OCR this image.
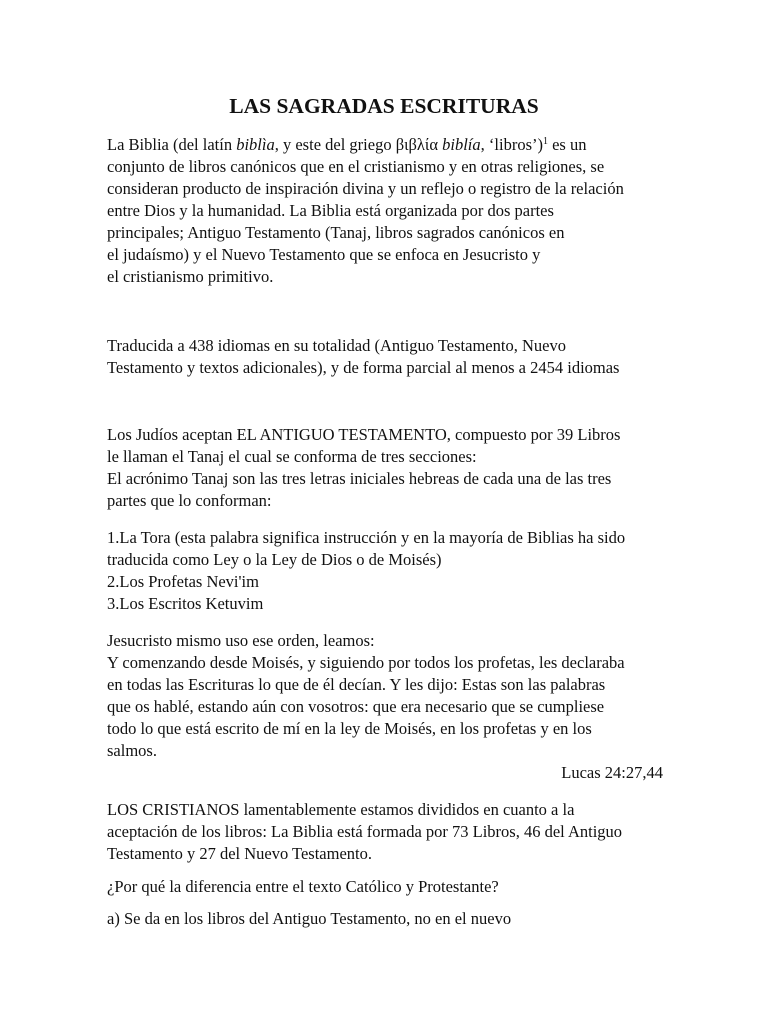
LAS SAGRADAS ESCRITURAS

La Biblia (del latín biblìa, y este del griego βιβλία biblía, ‘libros’)$^1$ es un
conjunto de libros canónicos que en el cristianismo y en otras religiones, se
consideran producto de inspiración divina y un reflejo o registro de la relación
entre Dios y la humanidad. La Biblia está organizada por dos partes
principales; Antiguo Testamento (Tanaj, libros sagrados canónicos en
el judaísmo) y el Nuevo Testamento que se enfoca en Jesucristo y
el cristianismo primitivo.

Traducida a 438 idiomas en su totalidad (Antiguo Testamento, Nuevo
Testamento y textos adicionales), y de forma parcial al menos a 2454 idiomas

Los Judíos aceptan EL ANTIGUO TESTAMENTO, compuesto por 39 Libros
le llaman el Tanaj el cual se conforma de tres secciones:
El acrónimo Tanaj son las tres letras iniciales hebreas de cada una de las tres
partes que lo conforman:

1.La Tora (esta palabra significa instrucción y en la mayoría de Biblias ha sido
traducida como Ley o la Ley de Dios o de Moisés)
2.Los Profetas Nevi'im
3.Los Escritos Ketuvim

Jesucristo mismo uso ese orden, leamos:
Y comenzando desde Moisés, y siguiendo por todos los profetas, les declaraba
en todas las Escrituras lo que de él decían. Y les dijo: Estas son las palabras
que os hablé, estando aún con vosotros: que era necesario que se cumpliese
todo lo que está escrito de mí en la ley de Moisés, en los profetas y en los
salmos.
Lucas 24:27,44

LOS CRISTIANOS lamentablemente estamos divididos en cuanto a la
aceptación de los libros: La Biblia está formada por 73 Libros, 46 del Antiguo
Testamento y 27 del Nuevo Testamento.

¿Por qué la diferencia entre el texto Católico y Protestante?

a) Se da en los libros del Antiguo Testamento, no en el nuevo
